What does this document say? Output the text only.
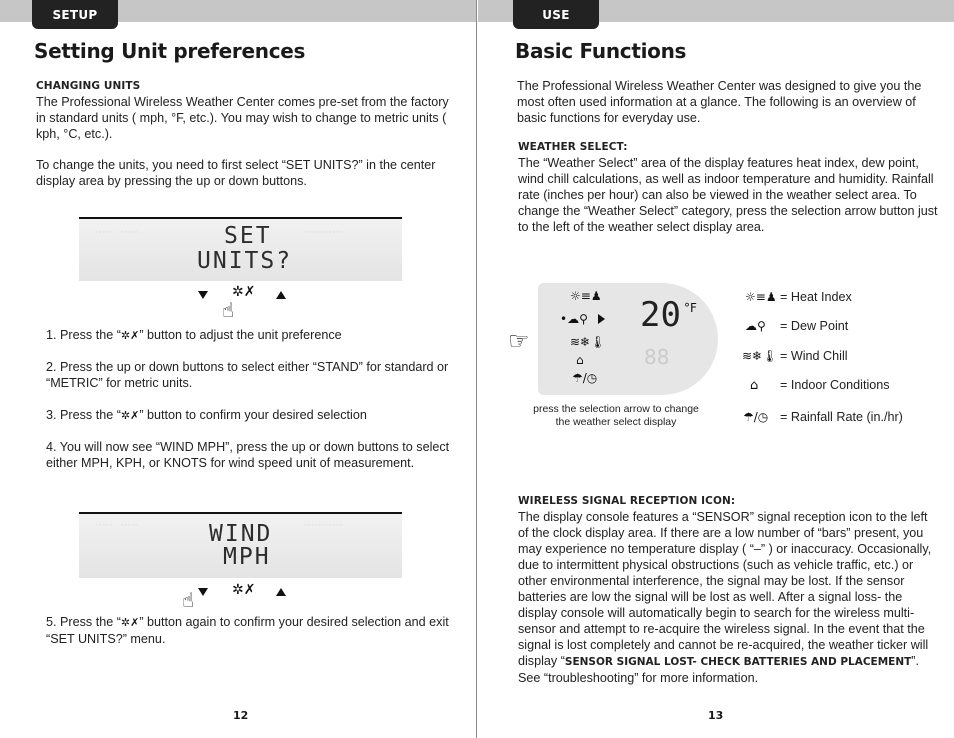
SETUP
Setting Unit preferences
CHANGING UNITS
The Professional Wireless Weather Center comes pre-set from the factory in standard units ( mph, °F, etc.). You may wish to change to metric units ( kph, °C, etc.).
To change the units, you need to first select “SET UNITS?” in the center display area by pressing the up or down buttons.
◦◦◦◦◦    ◦◦◦◦◦	◦◦◦◦◦◦◦◦◦◦◦
SET
UNITS?
✲✗
☝
1. Press the “✲✗” button to adjust the unit preference
2. Press the up or down buttons to select either “STAND” for standard or “METRIC” for metric units.
3. Press the “✲✗” button to confirm your desired selection
4. You will now see “WIND MPH”, press the up or down buttons to select either MPH, KPH, or KNOTS for wind speed unit of measurement.
◦◦◦◦◦    ◦◦◦◦◦	◦◦◦◦◦◦◦◦◦◦◦
WIND
MPH
☝	✲✗
5. Press the “✲✗” button again to confirm your desired selection and exit “SET UNITS?” menu.
12
USE
Basic Functions
The Professional Wireless Weather Center was designed to give you the most often used information at a glance. The following is an overview of basic functions for everyday use.
WEATHER SELECT:
The “Weather Select” area of the display features heat index, dew point, wind chill calculations, as well as indoor temperature and humidity. Rainfall rate (inches per hour) can also be viewed in the weather select area. To change the “Weather Select” category, press the selection arrow button just to the left of the weather select display area.
☼≡♟
•☁⚲
≋❄🌡
⌂
☂/◷
20 °F
88
☞
press the selection arrow to change the weather select display
☼≡♟ = Heat Index
☁⚲ = Dew Point
≋❄🌡 = Wind Chill
⌂ = Indoor Conditions
☂/◷ = Rainfall Rate (in./hr)
WIRELESS SIGNAL RECEPTION ICON:
The display console features a “SENSOR” signal reception icon to the left of the clock display area. If there are a low number of “bars” present, you may experience no temperature display ( “–” ) or inaccuracy. Occasionally, due to intermittent physical obstructions (such as vehicle traffic, etc.) or other environmental interference, the signal may be lost. If the sensor batteries are low the signal will be lost as well. After a signal loss- the display console will automatically begin to search for the wireless multi-sensor and attempt to re-acquire the wireless signal. In the event that the signal is lost completely and cannot be re-acquired, the weather ticker will display “SENSOR SIGNAL LOST- CHECK BATTERIES AND PLACEMENT”. See “troubleshooting” for more information.
13
